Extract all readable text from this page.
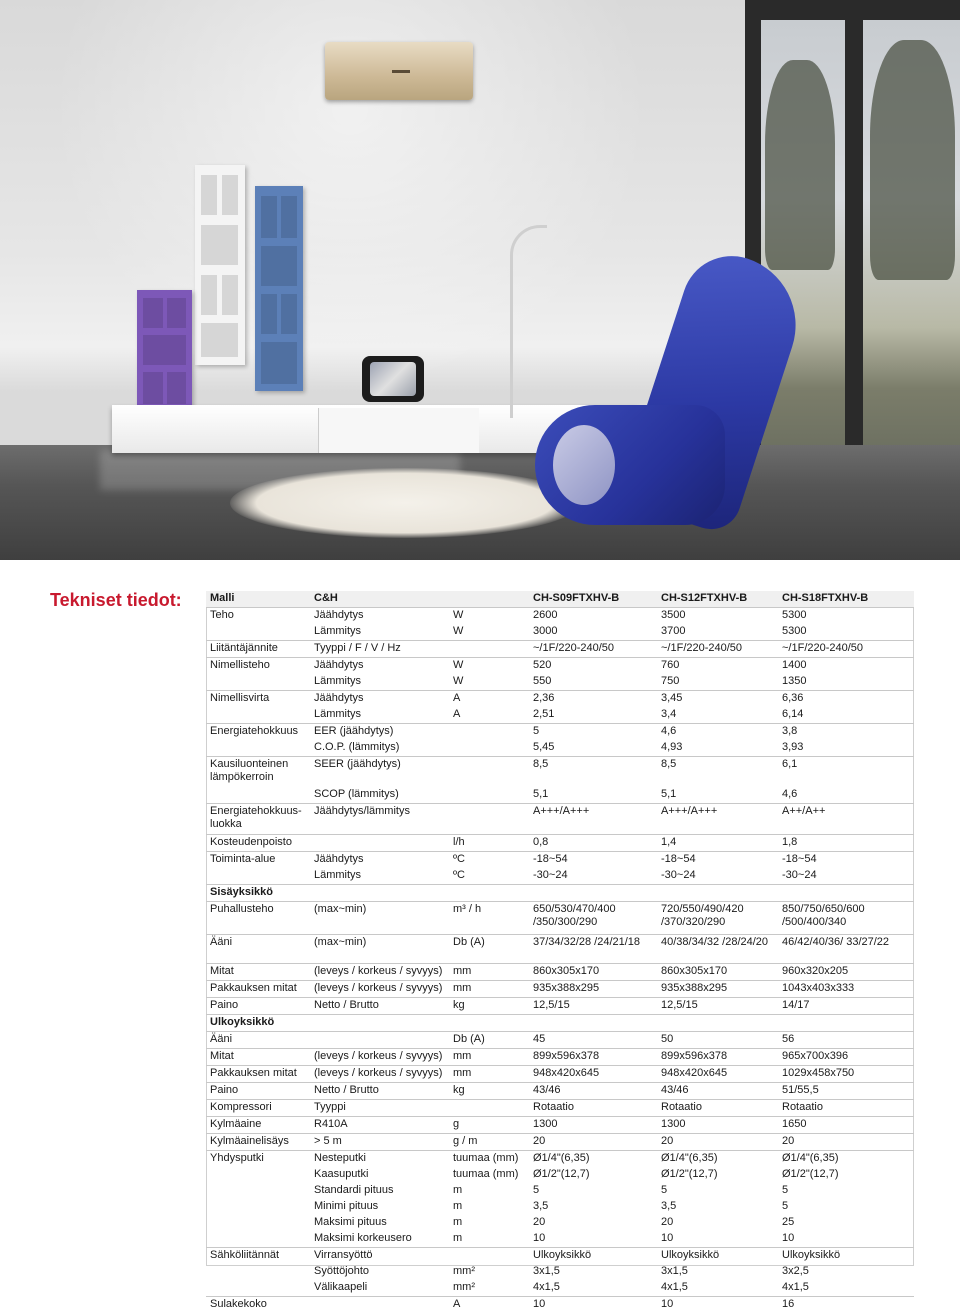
Tekniset tiedot:	Malli	C&H		CH-S09FTXHV-B	CH-S12FTXHV-B	CH-S18FTXHV-B
Teho	Jäähdytys	W	2600	3500	5300
	Lämmitys	W	3000	3700	5300
Liitäntäjännite	Tyyppi / F / V / Hz		~/1F/220-240/50	~/1F/220-240/50	~/1F/220-240/50
Nimellisteho	Jäähdytys	W	520	760	1400
	Lämmitys	W	550	750	1350
Nimellisvirta	Jäähdytys	A	2,36	3,45	6,36
	Lämmitys	A	2,51	3,4	6,14
Energiatehokkuus	EER (jäähdytys)		5	4,6	3,8
	C.O.P. (lämmitys)		5,45	4,93	3,93
Kausiluonteinen lämpökerroin	SEER (jäähdytys)		8,5	8,5	6,1
	SCOP (lämmitys)		5,1	5,1	4,6
Energiatehokkuus-luokka	Jäähdytys/lämmitys		A+++/A+++	A+++/A+++	A++/A++
Kosteudenpoisto		l/h	0,8	1,4	1,8
Toiminta-alue	Jäähdytys	ºC	-18~54	-18~54	-18~54
	Lämmitys	ºC	-30~24	-30~24	-30~24
Sisäyksikkö					
Puhallusteho	(max~min)	m³ / h	650/530/470/400 /350/300/290	720/550/490/420 /370/320/290	850/750/650/600 /500/400/340
Ääni	(max~min)	Db (A)	37/34/32/28 /24/21/18	40/38/34/32 /28/24/20	46/42/40/36/ 33/27/22
Mitat	(leveys / korkeus / syvyys)	mm	860x305x170	860x305x170	960x320x205
Pakkauksen mitat	(leveys / korkeus / syvyys)	mm	935x388x295	935x388x295	1043x403x333
Paino	Netto / Brutto	kg	12,5/15	12,5/15	14/17
Ulkoyksikkö					
Ääni		Db (A)	45	50	56
Mitat	(leveys / korkeus / syvyys)	mm	899x596x378	899x596x378	965x700x396
Pakkauksen mitat	(leveys / korkeus / syvyys)	mm	948x420x645	948x420x645	1029x458x750
Paino	Netto / Brutto	kg	43/46	43/46	51/55,5
Kompressori	Tyyppi		Rotaatio	Rotaatio	Rotaatio
Kylmäaine	R410A	g	1300	1300	1650
Kylmäainelisäys	> 5 m	g / m	20	20	20
Yhdysputki	Nesteputki	tuumaa (mm)	Ø1/4"(6,35)	Ø1/4"(6,35)	Ø1/4"(6,35)
	Kaasuputki	tuumaa (mm)	Ø1/2"(12,7)	Ø1/2"(12,7)	Ø1/2"(12,7)
	Standardi pituus	m	5	5	5
	Minimi pituus	m	3,5	3,5	5
	Maksimi pituus	m	20	20	25
	Maksimi korkeusero	m	10	10	10
Sähköliitännät	Virransyöttö		Ulkoyksikkö	Ulkoyksikkö	Ulkoyksikkö
	Syöttöjohto	mm²	3x1,5	3x1,5	3x2,5
	Välikaapeli	mm²	4x1,5	4x1,5	4x1,5
Sulakekoko		A	10	10	16
